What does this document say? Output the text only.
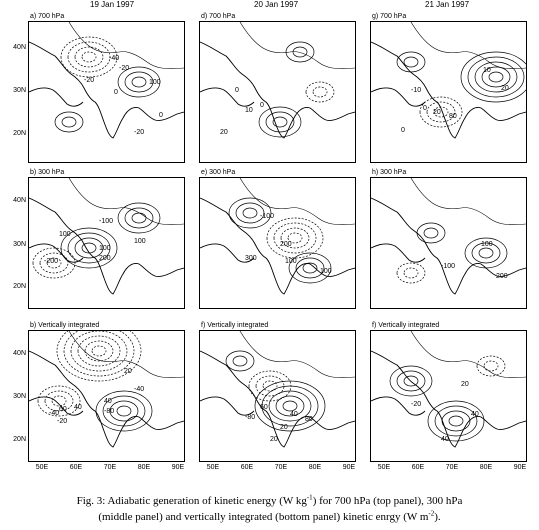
19 Jan 1997	20 Jan 1997	21 Jan 1997
a) 700 hPa	d) 700 hPa	g) 700 hPa
b) 300 hPa	e) 300 hPa	h) 300 hPa
b) Vertically integrated	f) Vertically integrated	f) Vertically integrated
40N
30N
20N
40N
30N
20N
40N
30N
20N
50E	60E	70E	80E	90E	50E	60E	70E	80E	90E	50E	60E	70E	80E	90E
-20
0
-20
0
-40
-20
100
0
0
10
20
10
20
-10
0
0
20
80
100
-100
-200
100
200
100
-100
200
100
300
100
100
-100
200
-40
20
40
-40
60	-80
-20
40
-80	40
20
80
60
20
20
40
-20
40
Fig. 3: Adiabatic generation of kinetic energy (W $kg^{-1}$) for 700 hPa (top panel), 300 hPa
(middle panel) and vertically integrated (bottom panel) kinetic enrgy (W $m^{-2}$).
